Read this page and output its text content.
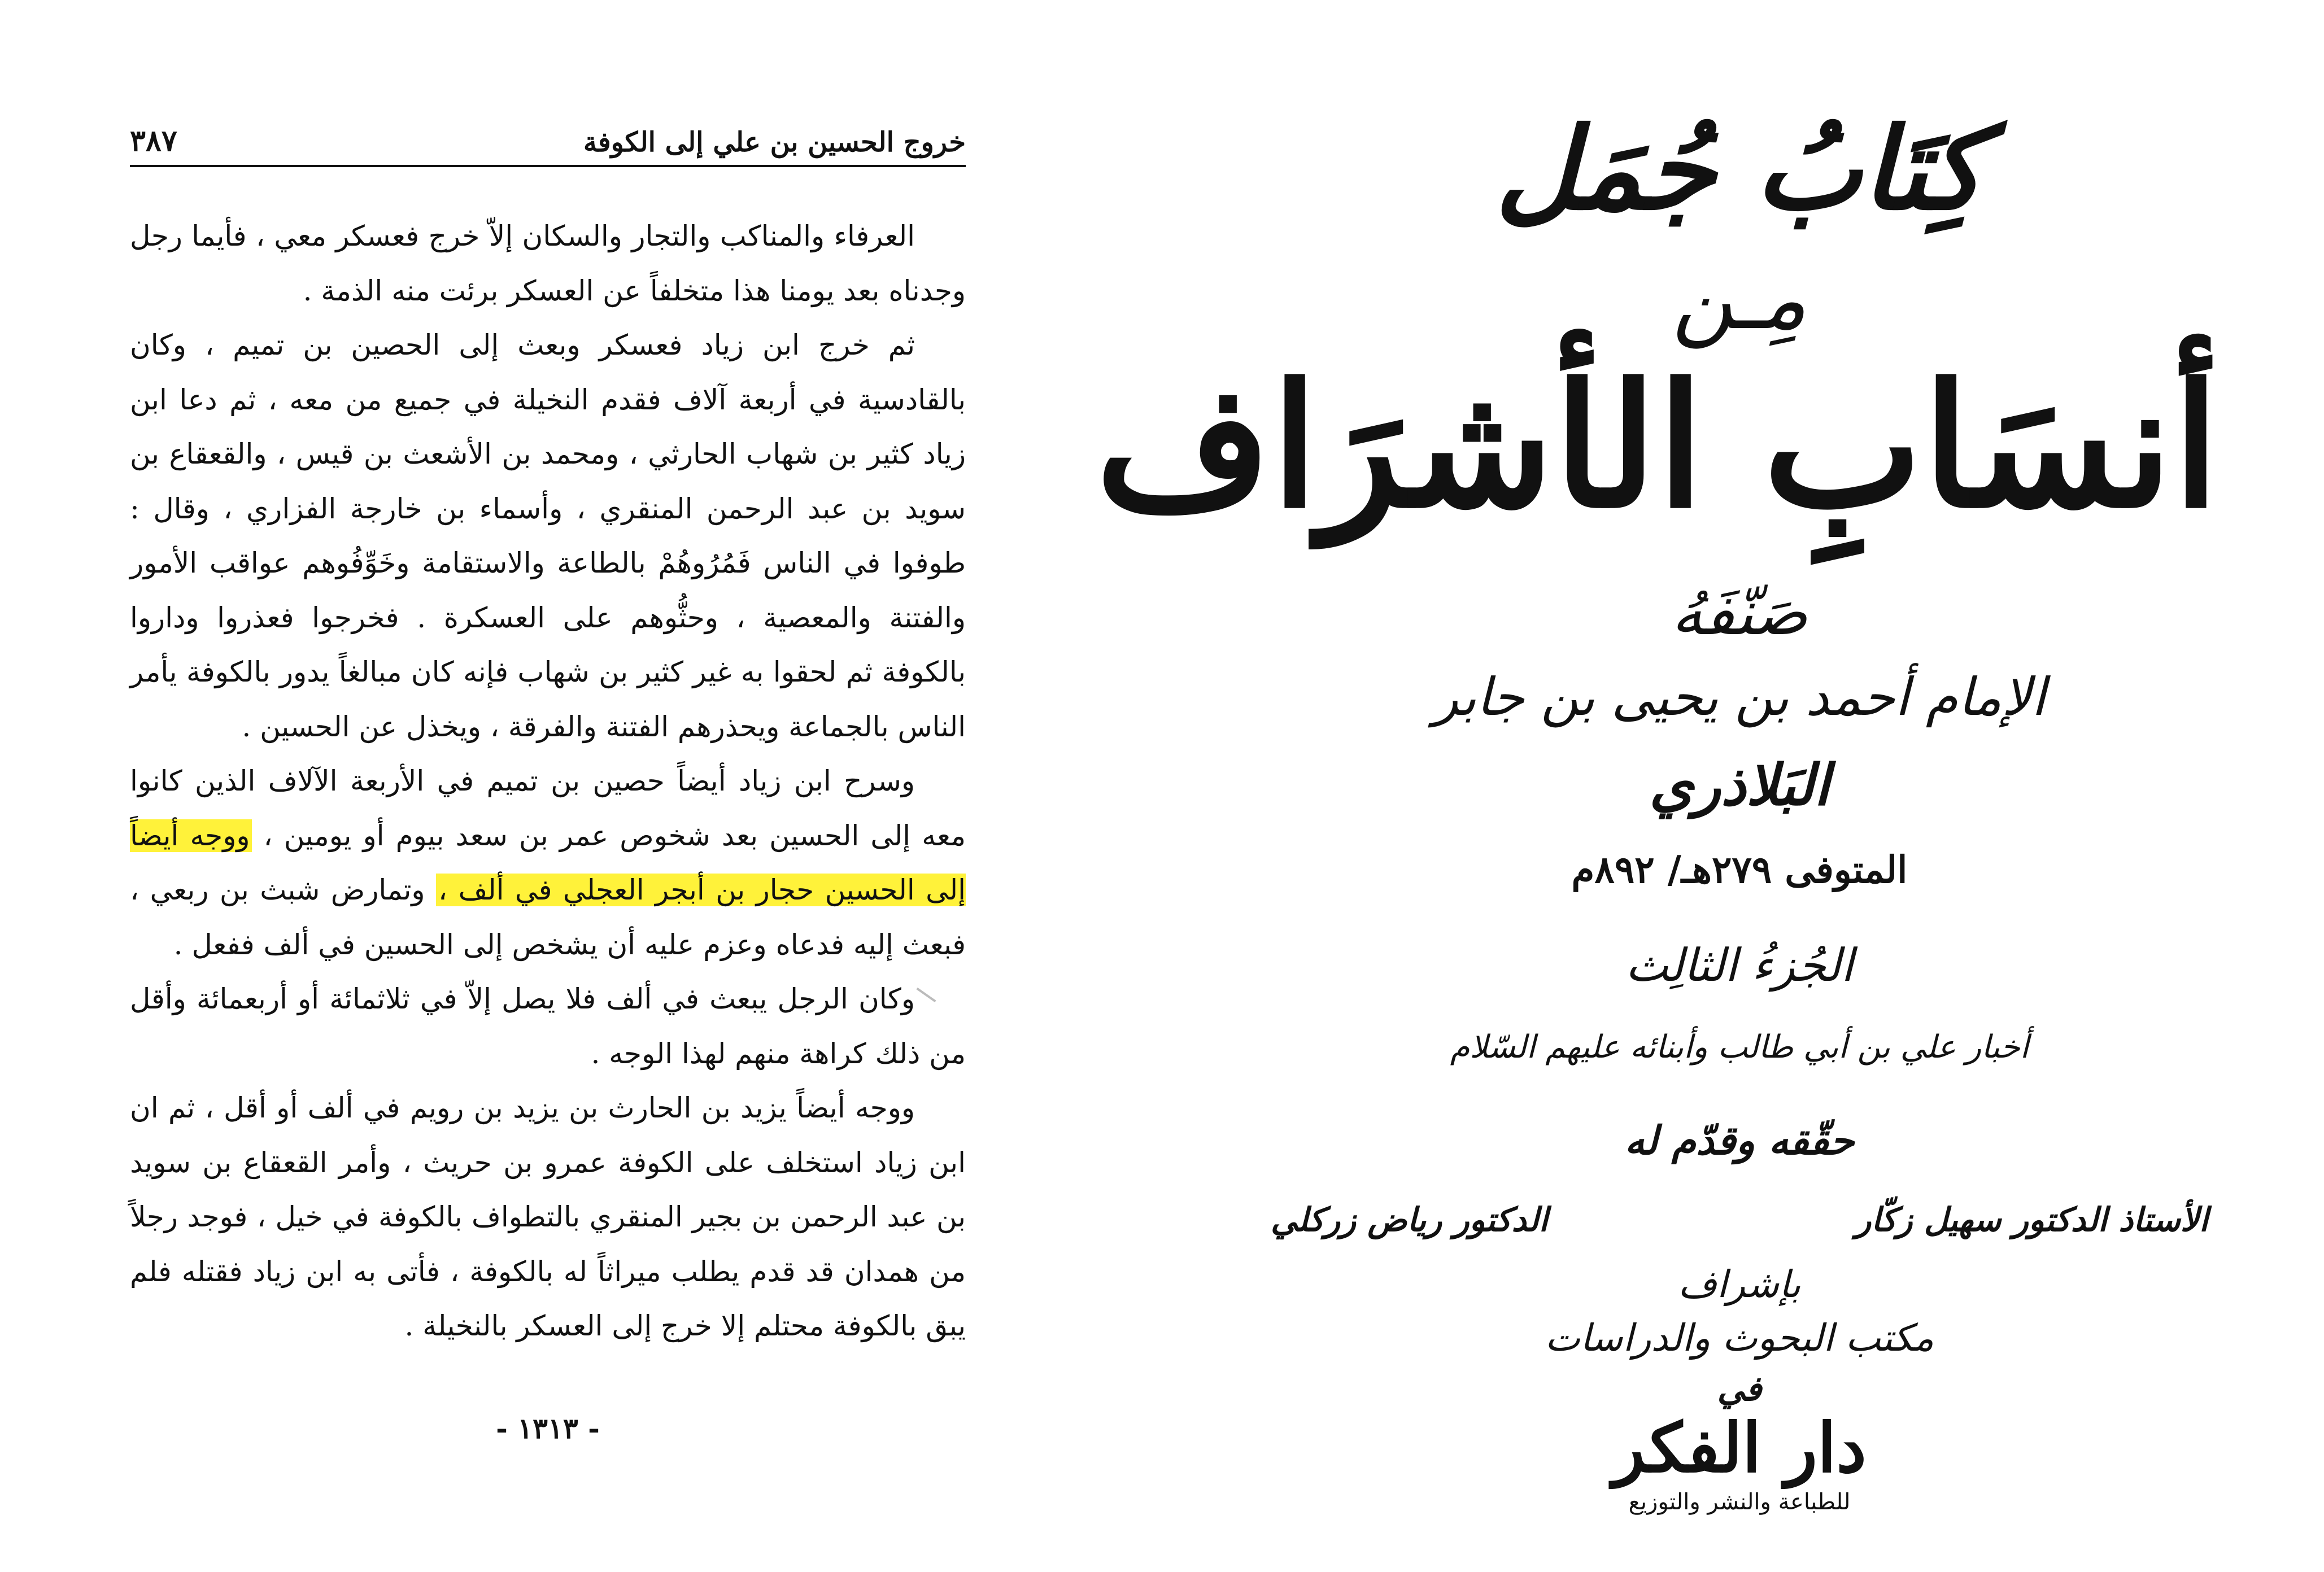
خروج الحسين بن علي إلى الكوفة
٣٨٧

العرفاء والمناكب والتجار والسكان إلاّ خرج فعسكر معي ، فأيما رجل وجدناه بعد يومنا هذا متخلفاً عن العسكر برئت منه الذمة .

ثم خرج ابن زياد فعسكر وبعث إلى الحصين بن تميم ، وكان بالقادسية في أربعة آلاف فقدم النخيلة في جميع من معه ، ثم دعا ابن زياد كثير بن شهاب الحارثي ، ومحمد بن الأشعث بن قيس ، والقعقاع بن سويد بن عبد الرحمن المنقري ، وأسماء بن خارجة الفزاري ، وقال : طوفوا في الناس فَمُرُوهُمْ بالطاعة والاستقامة وخَوِّفُوهم عواقب الأمور والفتنة والمعصية ، وحثُّوهم على العسكرة . فخرجوا فعذروا وداروا بالكوفة ثم لحقوا به غير كثير بن شهاب فإنه كان مبالغاً يدور بالكوفة يأمر الناس بالجماعة ويحذرهم الفتنة والفرقة ، ويخذل عن الحسين .

وسرح ابن زياد أيضاً حصين بن تميم في الأربعة الآلاف الذين كانوا معه إلى الحسين بعد شخوص عمر بن سعد بيوم أو يومين ، ووجه أيضاً إلى الحسين حجار بن أبجر العجلي في ألف ، وتمارض شبث بن ربعي ، فبعث إليه فدعاه وعزم عليه أن يشخص إلى الحسين في ألف ففعل .

وكان الرجل يبعث في ألف فلا يصل إلاّ في ثلاثمائة أو أربعمائة وأقل من ذلك كراهة منهم لهذا الوجه .

ووجه أيضاً يزيد بن الحارث بن يزيد بن رويم في ألف أو أقل ، ثم ان ابن زياد استخلف على الكوفة عمرو بن حريث ، وأمر القعقاع بن سويد بن عبد الرحمن بن بجير المنقري بالتطواف بالكوفة في خيل ، فوجد رجلاً من همدان قد قدم يطلب ميراثاً له بالكوفة ، فأتى به ابن زياد فقتله فلم يبق بالكوفة محتلم إلا خرج إلى العسكر بالنخيلة .

- ١٣١٣ -
كِتَابُ جُمَل
مِـن
أنسَابِ الأشرَاف
صَنّفَهُ
الإمام أحمد بن يحيى بن جابر
البَلاذري
المتوفى ٢٧٩هـ/ ٨٩٢م
الجُزءُ الثالِث
أخبار علي بن أبي طالب وأبنائه عليهم السّلام
حقّقه وقدّم له
الأستاذ الدكتور سهيل زكّار
الدكتور رياض زركلي
بإشراف
مكتب البحوث والدراسات
في
دار الفكر
للطباعة والنشر والتوزيع
